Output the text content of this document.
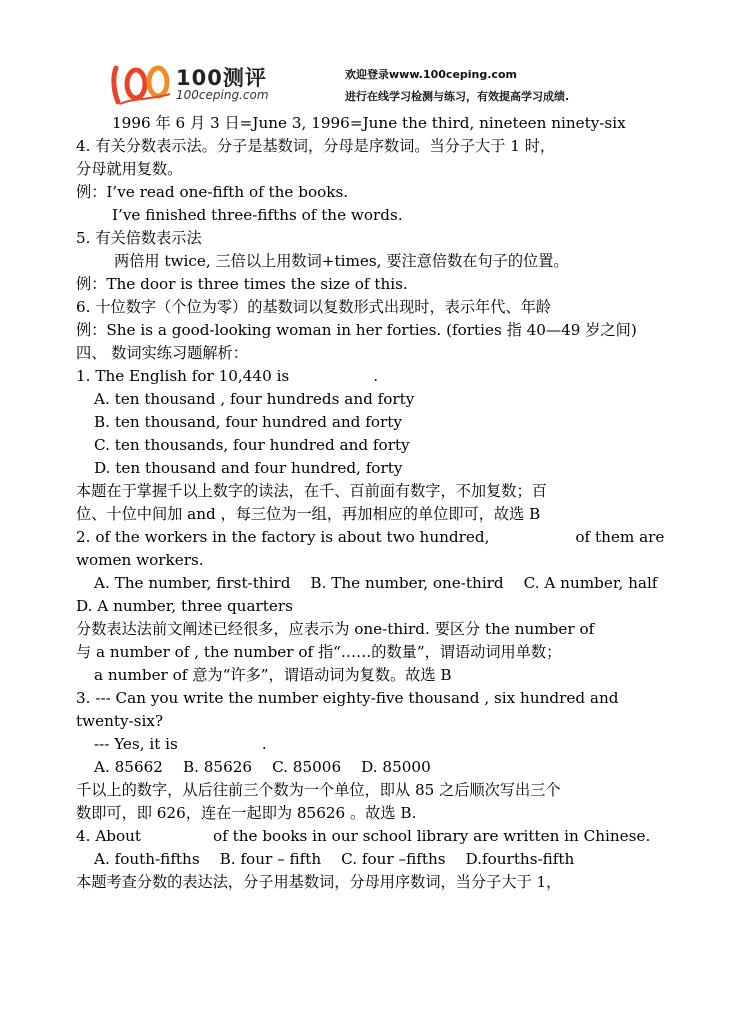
100测评
100ceping.com
欢迎登录www.100ceping.com
进行在线学习检测与练习，有效提高学习成绩.
1996 年 6 月 3 日=June 3, 1996=June the third, nineteen ninety-six
4. 有关分数表示法。分子是基数词，分母是序数词。当分子大于 1 时，
分母就用复数。
例：I’ve read one-fifth of the books.
I’ve finished three-fifths of the words.
5. 有关倍数表示法
两倍用 twice, 三倍以上用数词+times, 要注意倍数在句子的位置。
例：The door is three times the size of this.
6. 十位数字（个位为零）的基数词以复数形式出现时，表示年代、年龄
例：She is a good-looking woman in her forties. (forties 指 40—49 岁之间)
四、 数词实练习题解析：
1. The English for 10,440 is	.
A. ten thousand , four hundreds and forty
B. ten thousand, four hundred and forty
C. ten thousands, four hundred and forty
D. ten thousand and four hundred, forty
本题在于掌握千以上数字的读法，在千、百前面有数字，不加复数；百
位、十位中间加 and ，每三位为一组，再加相应的单位即可，故选 B
2. of the workers in the factory is about two hundred,	of them are
women workers.
A. The number, first-third B. The number, one-third C. A number, half
D. A number, three quarters
分数表达法前文阐述已经很多，应表示为 one-third. 要区分 the number of
与 a number of , the number of 指“……的数量”，谓语动词用单数；
a number of 意为“许多”，谓语动词为复数。故选 B
3. --- Can you write the number eighty-five thousand , six hundred and
twenty-six?
--- Yes, it is	.
A. 85662 B. 85626 C. 85006 D. 85000
千以上的数字，从后往前三个数为一个单位，即从 85 之后顺次写出三个
数即可，即 626，连在一起即为 85626 。故选 B.
4. About	of the books in our school library are written in Chinese.
A. fouth-fifths B. four – fifth C. four –fifths D.fourths-fifth
本题考查分数的表达法，分子用基数词，分母用序数词，当分子大于 1，
